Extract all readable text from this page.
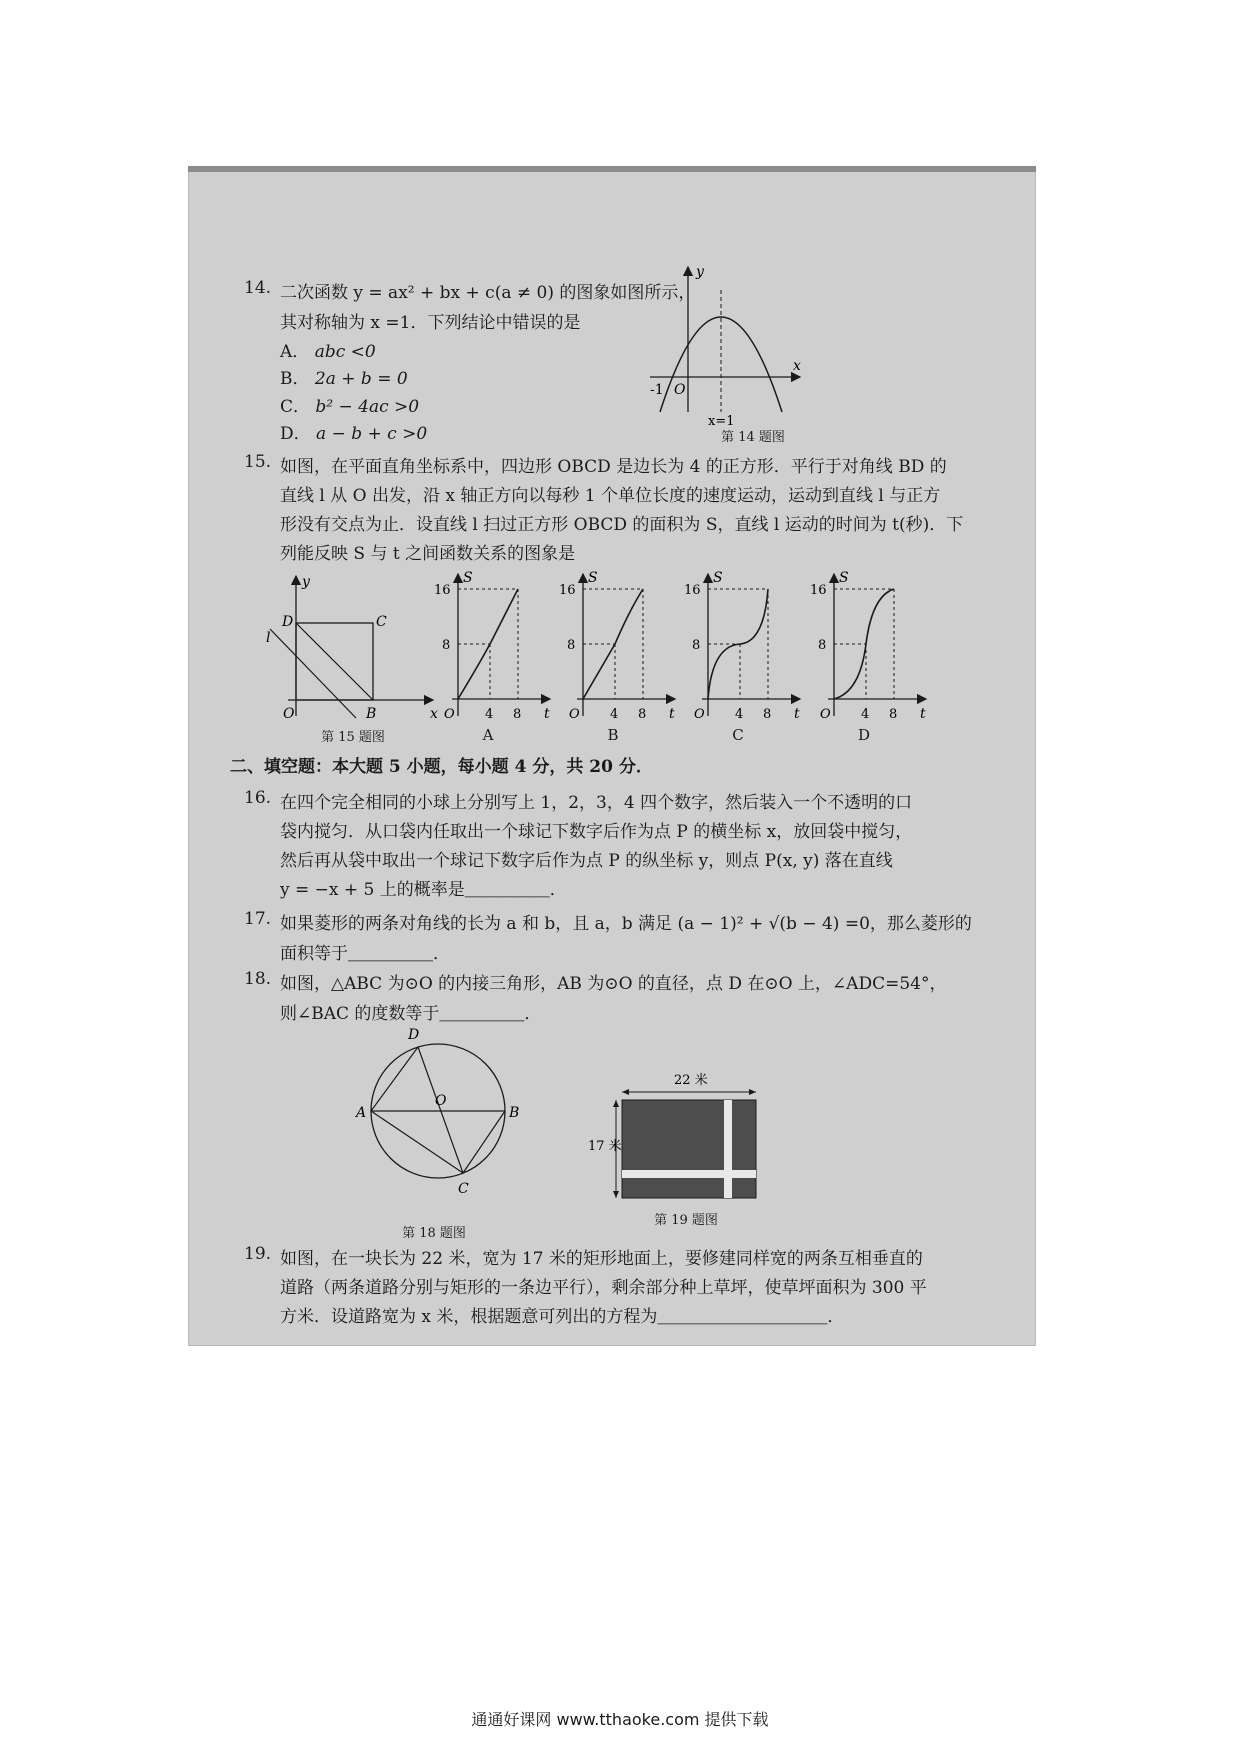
14. 二次函数 y = ax² + bx + c(a ≠ 0) 的图象如图所示，
其对称轴为 x =1．下列结论中错误的是
A． abc <0
B． 2a + b = 0
C． b² − 4ac >0
D． a − b + c >0
y
x
O
-1
x=1
第 14 题图
15. 如图，在平面直角坐标系中，四边形 OBCD 是边长为 4 的正方形．平行于对角线 BD 的
直线 l 从 O 出发，沿 x 轴正方向以每秒 1 个单位长度的速度运动，运动到直线 l 与正方
形没有交点为止．设直线 l 扫过正方形 OBCD 的面积为 S，直线 l 运动的时间为 t(秒)．下
列能反映 S 与 t 之间函数关系的图象是
y
x
O	B
C
D
l
第 15 题图
S
t
O
16
8
4 8
A
S
t
O
16
8
4 8
B
S
t
O
16
8
4 8
C
S
t
O
16
8
4 8
D
二、填空题：本大题 5 小题，每小题 4 分，共 20 分．
16. 在四个完全相同的小球上分别写上 1，2，3，4 四个数字，然后装入一个不透明的口
袋内搅匀．从口袋内任取出一个球记下数字后作为点 P 的横坐标 x，放回袋中搅匀，
然后再从袋中取出一个球记下数字后作为点 P 的纵坐标 y，则点 P(x, y) 落在直线
y = −x + 5 上的概率是＿＿＿＿＿．
17. 如果菱形的两条对角线的长为 a 和 b，且 a，b 满足 (a − 1)² + √(b − 4) =0，那么菱形的
面积等于＿＿＿＿＿．
18. 如图，△ABC 为⊙O 的内接三角形，AB 为⊙O 的直径，点 D 在⊙O 上，∠ADC=54°，
则∠BAC 的度数等于＿＿＿＿＿．
A	B
C
D
O
第 18 题图
22 米
17 米
第 19 题图
19. 如图，在一块长为 22 米，宽为 17 米的矩形地面上，要修建同样宽的两条互相垂直的
道路（两条道路分别与矩形的一条边平行），剩余部分种上草坪，使草坪面积为 300 平
方米．设道路宽为 x 米，根据题意可列出的方程为＿＿＿＿＿＿＿＿＿＿．
通通好课网 www.tthaoke.com 提供下载
